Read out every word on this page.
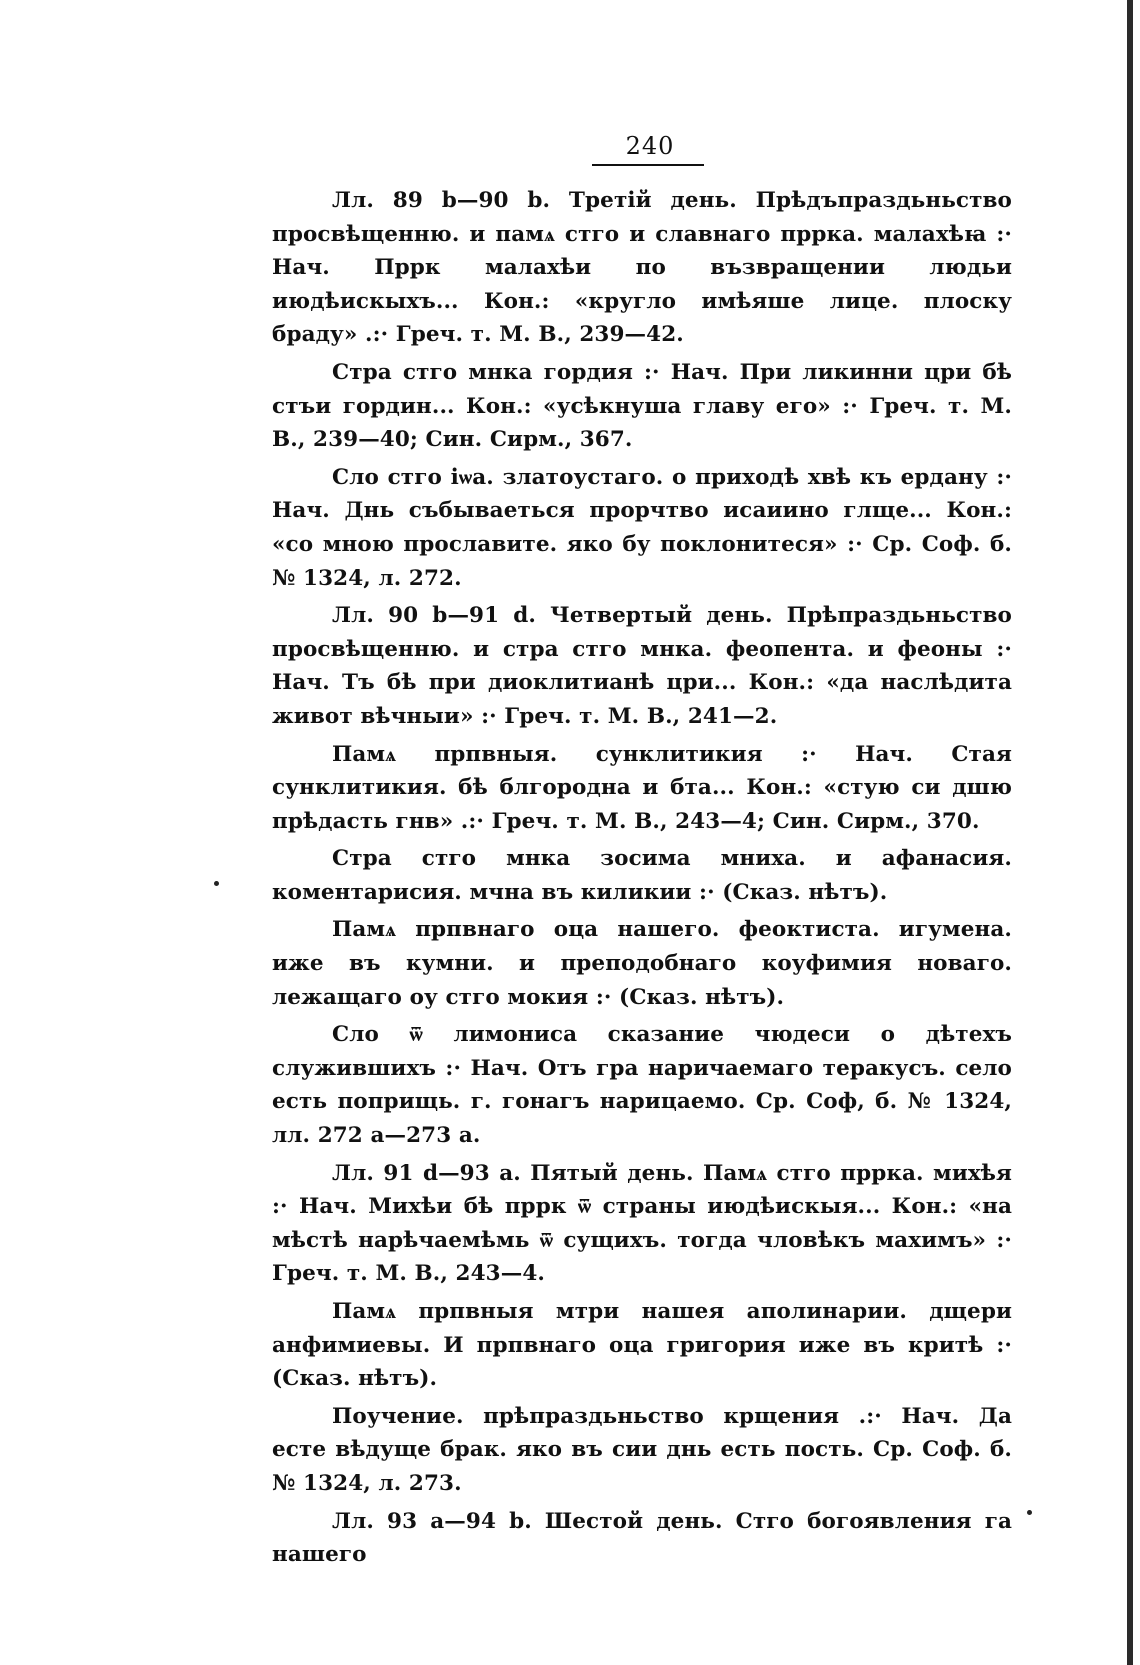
240

Лл. 89 b—90 b. Третій день. Прѣдъпраздьньство просвѣщенню. и памѧ стго и славнаго пррка. малахѣꙗ :· Нач. Пррк малахѣи по възвращении людьи июдѣискыхъ... Кон.: «кругло имѣяше лице. плоску браду» .:· Греч. т. М. В., 239—42.

Стра стго мнка гордия :· Нач. При ликинни цри бѣ стъи гордин... Кон.: «усѣкнуша главу его» :· Греч. т. М. В., 239—40; Син. Сирм., 367.

Сло стго іѡа. златоустаго. о приходѣ хвѣ къ ердану :· Нач. Днь събываеться прорчтво исаиино глще... Кон.: «со мною прославите. яко бу поклонитеся» :· Ср. Соф. б. № 1324, л. 272.

Лл. 90 b—91 d. Четвертый день. Прѣпраздьньство просвѣщенню. и стра стго мнка. феопента. и феоны :· Нач. Тъ бѣ при диоклитианѣ цри... Кон.: «да наслѣдита живот вѣчныи» :· Греч. т. М. В., 241—2.

Памѧ прпвныя. сунклитикия :· Нач. Стая сунклитикия. бѣ блгородна и бта... Кон.: «стую си дшю прѣдасть гнв» .:· Греч. т. М. В., 243—4; Син. Сирм., 370.

Стра стго мнка зосима мниха. и афанасия. коментарисия. мчна въ киликии :· (Сказ. нѣтъ).

Памѧ прпвнаго оца нашего. феоктиста. игумена. иже въ кумни. и преподобнаго коуфимия новаго. лежащаго оу стго мокия :· (Сказ. нѣтъ).

Сло ѿ лимониса сказание чюдеси о дѣтехъ служившихъ :· Нач. Отъ гра наричаемаго теракусъ. село есть поприщь. г. гонагъ нарицаемо. Ср. Соф, б. № 1324, лл. 272 а—273 а.

Лл. 91 d—93 а. Пятый день. Памѧ стго пррка. михѣя :· Нач. Михѣи бѣ пррк ѿ страны июдѣискыя... Кон.: «на мѣстѣ нарѣчаемѣмь ѿ сущихъ. тогда чловѣкъ махимъ» :· Греч. т. М. В., 243—4.

Памѧ прпвныя мтри нашея аполинарии. дщери анфимиевы. И прпвнаго оца григория иже въ критѣ :· (Сказ. нѣтъ).

Поучение. прѣпраздьньство крщения .:· Нач. Да есте вѣдуще брак. яко въ сии днь есть пость. Ср. Соф. б. № 1324, л. 273.

Лл. 93 а—94 b. Шестой день. Стго богоявления га нашего
